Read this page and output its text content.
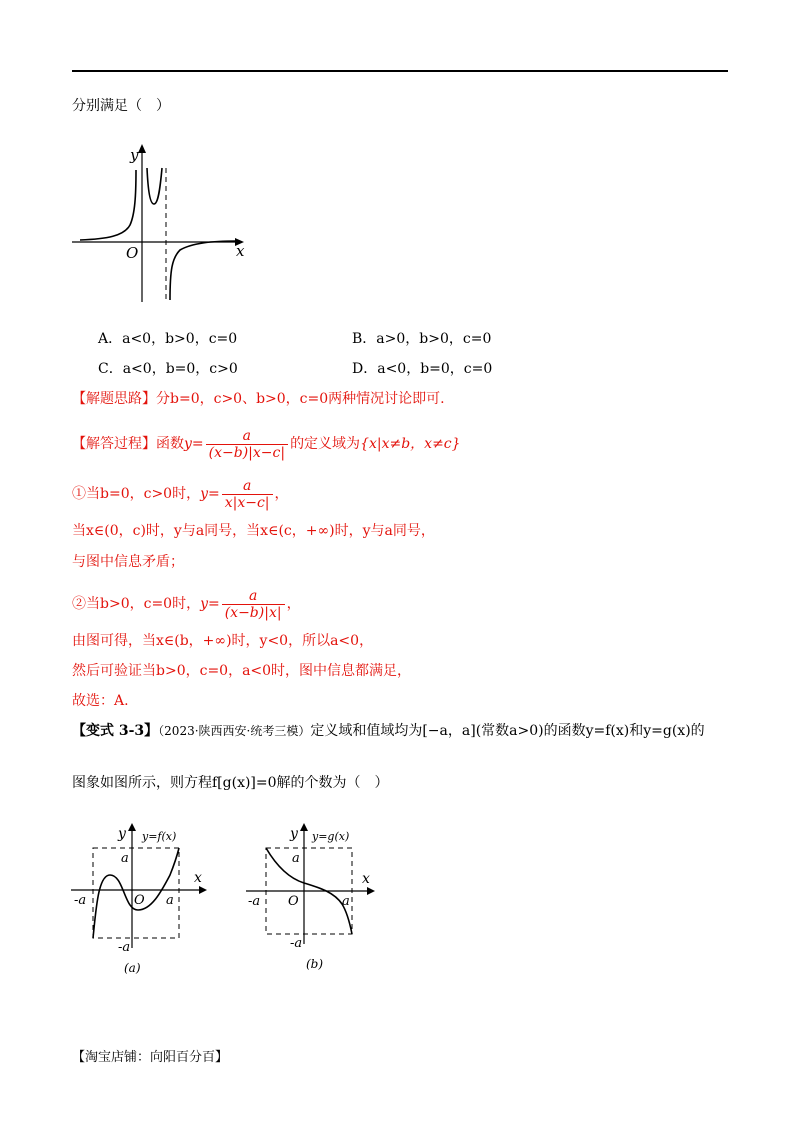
分别满足（　）
y
x
O
A．a<0，b>0，c=0	B．a>0，b>0，c=0
C．a<0，b=0，c>0	D．a<0，b=0，c=0
【解题思路】分b=0，c>0、b>0，c=0两种情况讨论即可.
【解答过程】函数$y= \frac{a}{(x-b)|x-c|}$ 的定义域为{x|x≠b，x≠c}
①当b=0，c>0时，$y= \frac{a}{x|x-c|}$ ，
当x∈(0，c)时，y与a同号，当x∈(c，+∞)时，y与a同号，
与图中信息矛盾；
②当b>0，c=0时，$y= \frac{a}{(x-b)|x|}$ ，
由图可得，当x∈(b，+∞)时，y<0，所以a<0，
然后可验证当b>0，c=0，a<0时，图中信息都满足，
故选：A.
【变式 3-3】（2023·陕西西安·统考三模）定义域和值域均为[−a，a](常数a>0)的函数y=f(x)和y=g(x)的
图象如图所示，则方程f[g(x)]=0解的个数为（　）
y y=f(x)
x
a
a
-a
-a
O
(a)
y y=g(x)
x
a
a
-a
-a
O
(b)
【淘宝店铺：向阳百分百】
